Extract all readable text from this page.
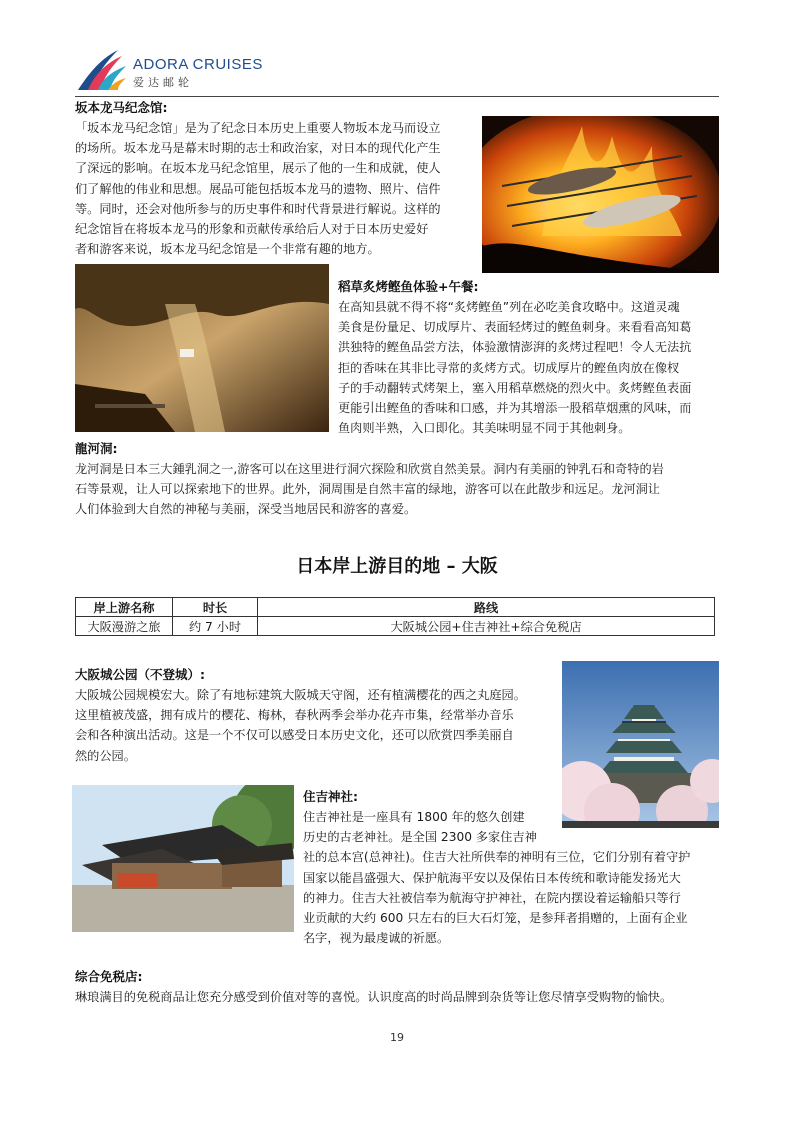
ADORA CRUISES
爱达邮轮
坂本龙马纪念馆:
「坂本龙马纪念馆」是为了纪念日本历史上重要人物坂本龙马而设立
的场所。坂本龙马是幕末时期的志士和政治家，对日本的现代化产生
了深远的影响。在坂本龙马纪念馆里，展示了他的一生和成就，使人
们了解他的伟业和思想。展品可能包括坂本龙马的遗物、照片、信件
等。同时，还会对他所参与的历史事件和时代背景进行解说。这样的
纪念馆旨在将坂本龙马的形象和贡献传承给后人对于日本历史爱好
者和游客来说，坂本龙马纪念馆是一个非常有趣的地方。
稻草炙烤鲣鱼体验+午餐:
在高知县就不得不将“炙烤鲣鱼”列在必吃美食攻略中。这道灵魂
美食是份量足、切成厚片、表面轻烤过的鲣鱼刺身。来看看高知葛
洪独特的鲣鱼品尝方法，体验激情澎湃的炙烤过程吧！令人无法抗
拒的香味在其非比寻常的炙烤方式。切成厚片的鲣鱼肉放在像杈
子的手动翻转式烤架上，塞入用稻草燃烧的烈火中。炙烤鲣鱼表面
更能引出鲣鱼的香味和口感，并为其增添一股稻草烟熏的风味，而
鱼肉则半熟，入口即化。其美味明显不同于其他刺身。
龍河洞:
龙河洞是日本三大鍾乳洞之一,游客可以在这里进行洞穴探险和欣赏自然美景。洞内有美丽的钟乳石和奇特的岩
石等景观，让人可以探索地下的世界。此外，洞周围是自然丰富的绿地，游客可以在此散步和远足。龙河洞让
人们体验到大自然的神秘与美丽，深受当地居民和游客的喜爱。
日本岸上游目的地 – 大阪
岸上游名称	时长	路线
大阪漫游之旅	约 7 小时	大阪城公园+住吉神社+综合免税店
大阪城公园（不登城）:
大阪城公园规模宏大。除了有地标建筑大阪城天守阁，还有植满樱花的西之丸庭园。
这里植被茂盛，拥有成片的樱花、梅林，春秋两季会举办花卉市集，经常举办音乐
会和各种演出活动。这是一个不仅可以感受日本历史文化，还可以欣赏四季美丽自
然的公园。
住吉神社:
住吉神社是一座具有 1800 年的悠久创建
历史的古老神社。是全国 2300 多家住吉神
社的总本宫(总神社)。住吉大社所供奉的神明有三位，它们分别有着守护
国家以能昌盛强大、保护航海平安以及保佑日本传统和歌诗能发扬光大
的神力。住吉大社被信奉为航海守护神社，在院内摆设着运输船只等行
业贡献的大约 600 只左右的巨大石灯笼，是参拜者捐赠的，上面有企业
名字，视为最虔诚的祈愿。
综合免税店:
琳琅满目的免税商品让您充分感受到价值对等的喜悦。认识度高的时尚品牌到杂货等让您尽情享受购物的愉快。
19
